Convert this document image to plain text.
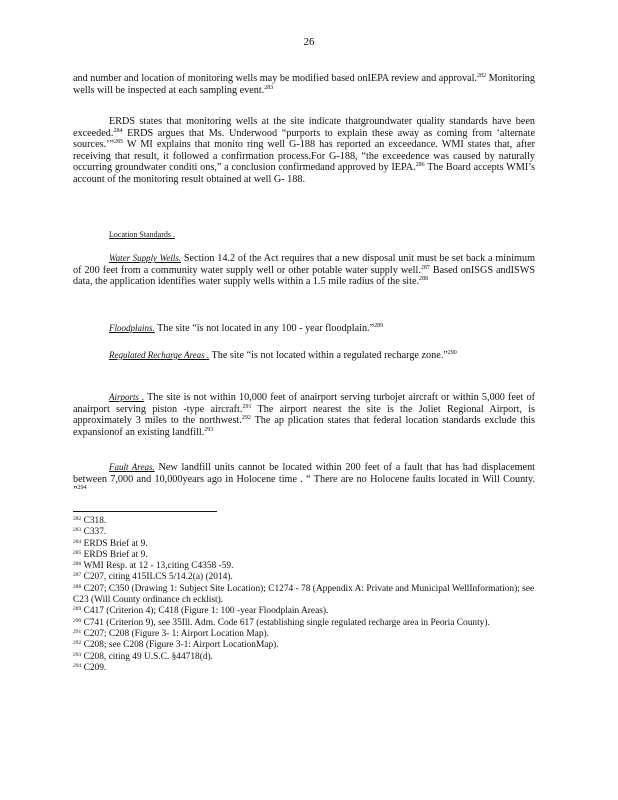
26

and number and location of monitoring wells may be modified based onIEPA review and approval.$^{282}$ Monitoring wells will be inspected at each sampling event.$^{283}$

ERDS states that monitoring wells at the site indicate thatgroundwater quality standards have been exceeded.$^{284}$ ERDS argues that Ms. Underwood “purports to explain these away as coming from ‘alternate sources.’”$^{285}$ W MI explains that monito ring well G-188 has reported an exceedance. WMI states that, after receiving that result, it followed a confirmation process.For G-188, “the exceedence was caused by naturally occurring groundwater conditi ons,” a conclusion confirmedand approved by IEPA.$^{286}$ The Board accepts WMI’s account of the monitoring result obtained at well G- 188.

Location Standards .

Water Supply Wells. Section 14.2 of the Act requires that a new disposal unit must be set back a minimum of 200 feet from a community water supply well or other potable water supply well.$^{287}$ Based onISGS andISWS data, the application identifies water supply wells within a 1.5 mile radius of the site.$^{288}$

Floodplains. The site “is not located in any 100 - year floodplain.”$^{289}$

Regulated Recharge Areas . The site “is not located within a regulated recharge zone.”$^{290}$

Airports . The site is not within 10,000 feet of anairport serving turbojet aircraft or within 5,000 feet of anairport serving piston -type aircraft.$^{291}$ The airport nearest the site is the Joliet Regional Airport, is approximately 3 miles to the northwest.$^{292}$ The ap plication states that federal location standards exclude this expansionof an existing landfill.$^{293}$

Fault Areas. New landfill units cannot be located within 200 feet of a fault that has had displacement between 7,000 and 10,000years ago in Holocene time . “ There are no Holocene faults located in Will County. ”$^{294}$

$^{282}$ C318.

$^{283}$ C337.

$^{284}$ ERDS Brief at 9.

$^{285}$ ERDS Brief at 9.

$^{286}$ WMI Resp. at 12 - 13,citing C4358 -59.

$^{287}$ C207, citing 415ILCS 5/14.2(a) (2014).

$^{288}$ C207; C350 (Drawing 1: Subject Site Location); C1274 - 78 (Appendix A: Private and Municipal WellInformation); see C23 (Will County ordinance ch ecklist).

$^{289}$ C417 (Criterion 4); C418 (Figure 1: 100 -year Floodplain Areas).

$^{290}$ C741 (Criterion 9), see 35Ill. Adm. Code 617 (establishing single regulated recharge area in Peoria County).

$^{291}$ C207; C208 (Figure 3- 1: Airport Location Map).

$^{292}$ C208; see C208 (Figure 3-1: Airport LocationMap).

$^{293}$ C208, citing 49 U.S.C. §44718(d).

$^{294}$ C209.
